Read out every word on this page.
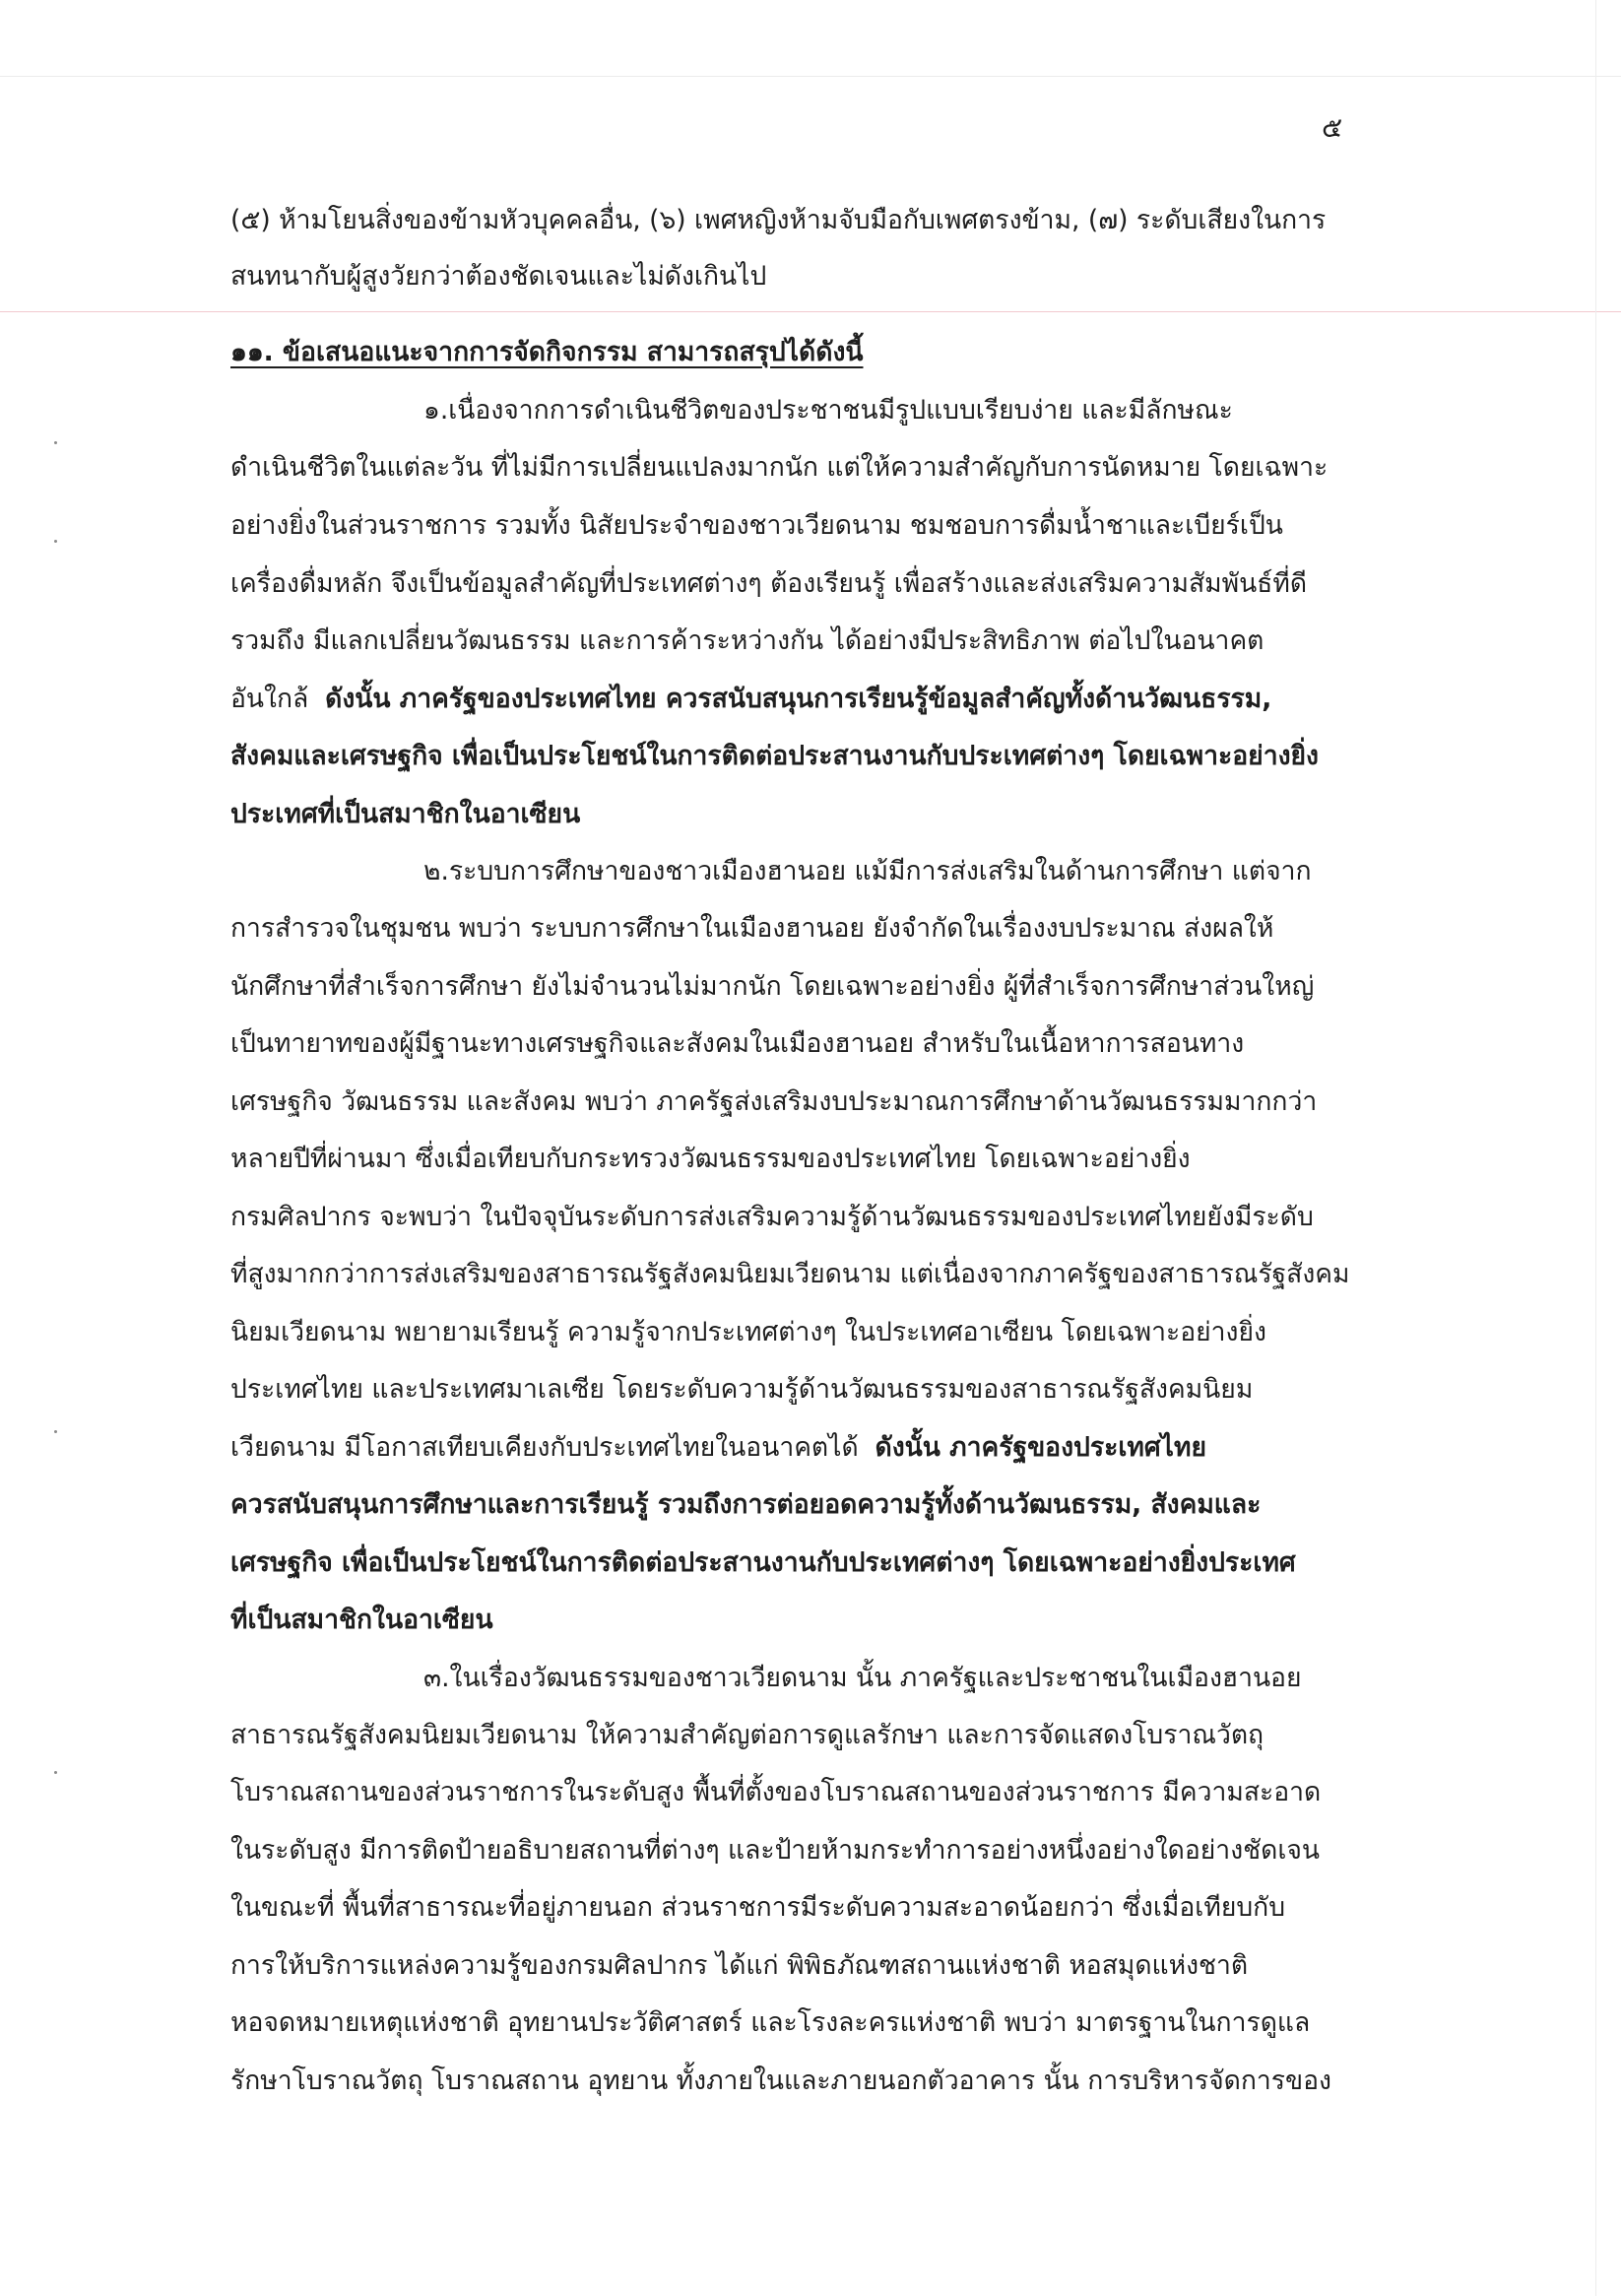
๕
(๕) ห้ามโยนสิ่งของข้ามหัวบุคคลอื่น, (๖) เพศหญิงห้ามจับมือกับเพศตรงข้าม, (๗) ระดับเสียงในการ
สนทนากับผู้สูงวัยกว่าต้องชัดเจนและไม่ดังเกินไป
๑๑. ข้อเสนอแนะจากการจัดกิจกรรม สามารถสรุปได้ดังนี้
๑.เนื่องจากการดำเนินชีวิตของประชาชนมีรูปแบบเรียบง่าย และมีลักษณะ
ดำเนินชีวิตในแต่ละวัน ที่ไม่มีการเปลี่ยนแปลงมากนัก แต่ให้ความสำคัญกับการนัดหมาย โดยเฉพาะ
อย่างยิ่งในส่วนราชการ รวมทั้ง นิสัยประจำของชาวเวียดนาม ชมชอบการดื่มน้ำชาและเบียร์เป็น
เครื่องดื่มหลัก จึงเป็นข้อมูลสำคัญที่ประเทศต่างๆ ต้องเรียนรู้ เพื่อสร้างและส่งเสริมความสัมพันธ์ที่ดี
รวมถึง มีแลกเปลี่ยนวัฒนธรรม และการค้าระหว่างกัน ได้อย่างมีประสิทธิภาพ ต่อไปในอนาคต
อันใกล้ ดังนั้น ภาครัฐของประเทศไทย ควรสนับสนุนการเรียนรู้ข้อมูลสำคัญทั้งด้านวัฒนธรรม,
สังคมและเศรษฐกิจ เพื่อเป็นประโยชน์ในการติดต่อประสานงานกับประเทศต่างๆ โดยเฉพาะอย่างยิ่ง
ประเทศที่เป็นสมาชิกในอาเซียน
๒.ระบบการศึกษาของชาวเมืองฮานอย แม้มีการส่งเสริมในด้านการศึกษา แต่จาก
การสำรวจในชุมชน พบว่า ระบบการศึกษาในเมืองฮานอย ยังจำกัดในเรื่องงบประมาณ ส่งผลให้
นักศึกษาที่สำเร็จการศึกษา ยังไม่จำนวนไม่มากนัก โดยเฉพาะอย่างยิ่ง ผู้ที่สำเร็จการศึกษาส่วนใหญ่
เป็นทายาทของผู้มีฐานะทางเศรษฐกิจและสังคมในเมืองฮานอย สำหรับในเนื้อหาการสอนทาง
เศรษฐกิจ วัฒนธรรม และสังคม พบว่า ภาครัฐส่งเสริมงบประมาณการศึกษาด้านวัฒนธรรมมากกว่า
หลายปีที่ผ่านมา ซึ่งเมื่อเทียบกับกระทรวงวัฒนธรรมของประเทศไทย โดยเฉพาะอย่างยิ่ง
กรมศิลปากร จะพบว่า ในปัจจุบันระดับการส่งเสริมความรู้ด้านวัฒนธรรมของประเทศไทยยังมีระดับ
ที่สูงมากกว่าการส่งเสริมของสาธารณรัฐสังคมนิยมเวียดนาม แต่เนื่องจากภาครัฐของสาธารณรัฐสังคม
นิยมเวียดนาม พยายามเรียนรู้ ความรู้จากประเทศต่างๆ ในประเทศอาเซียน โดยเฉพาะอย่างยิ่ง
ประเทศไทย และประเทศมาเลเซีย โดยระดับความรู้ด้านวัฒนธรรมของสาธารณรัฐสังคมนิยม
เวียดนาม มีโอกาสเทียบเคียงกับประเทศไทยในอนาคตได้ ดังนั้น ภาครัฐของประเทศไทย
ควรสนับสนุนการศึกษาและการเรียนรู้ รวมถึงการต่อยอดความรู้ทั้งด้านวัฒนธรรม, สังคมและ
เศรษฐกิจ เพื่อเป็นประโยชน์ในการติดต่อประสานงานกับประเทศต่างๆ โดยเฉพาะอย่างยิ่งประเทศ
ที่เป็นสมาชิกในอาเซียน
๓.ในเรื่องวัฒนธรรมของชาวเวียดนาม นั้น ภาครัฐและประชาชนในเมืองฮานอย
สาธารณรัฐสังคมนิยมเวียดนาม ให้ความสำคัญต่อการดูแลรักษา และการจัดแสดงโบราณวัตถุ
โบราณสถานของส่วนราชการในระดับสูง พื้นที่ตั้งของโบราณสถานของส่วนราชการ มีความสะอาด
ในระดับสูง มีการติดป้ายอธิบายสถานที่ต่างๆ และป้ายห้ามกระทำการอย่างหนึ่งอย่างใดอย่างชัดเจน
ในขณะที่ พื้นที่สาธารณะที่อยู่ภายนอก ส่วนราชการมีระดับความสะอาดน้อยกว่า ซึ่งเมื่อเทียบกับ
การให้บริการแหล่งความรู้ของกรมศิลปากร ได้แก่ พิพิธภัณฑสถานแห่งชาติ หอสมุดแห่งชาติ
หอจดหมายเหตุแห่งชาติ อุทยานประวัติศาสตร์ และโรงละครแห่งชาติ พบว่า มาตรฐานในการดูแล
รักษาโบราณวัตถุ โบราณสถาน อุทยาน ทั้งภายในและภายนอกตัวอาคาร นั้น การบริหารจัดการของ
